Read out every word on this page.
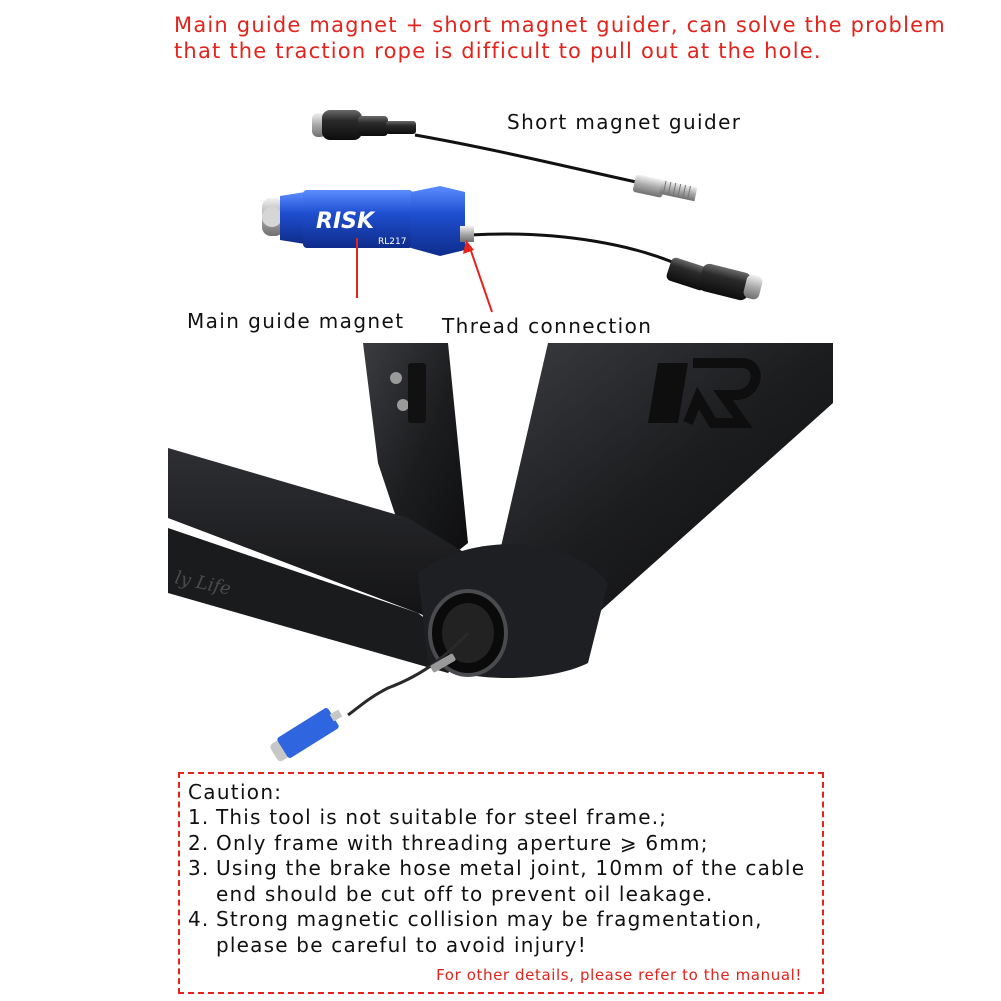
Main guide magnet + short magnet guider, can solve the problem that the traction rope is difficult to pull out at the hole.
RISK
RL217
Short magnet guider
Main guide magnet Thread connection
ly Life
Caution:
1. This tool is not suitable for steel frame.;
2. Only frame with threading aperture ⩾ 6mm;
3. Using the brake hose metal joint, 10mm of the cable end should be cut off to prevent oil leakage.
4. Strong magnetic collision may be fragmentation, please be careful to avoid injury!
For other details, please refer to the manual!
